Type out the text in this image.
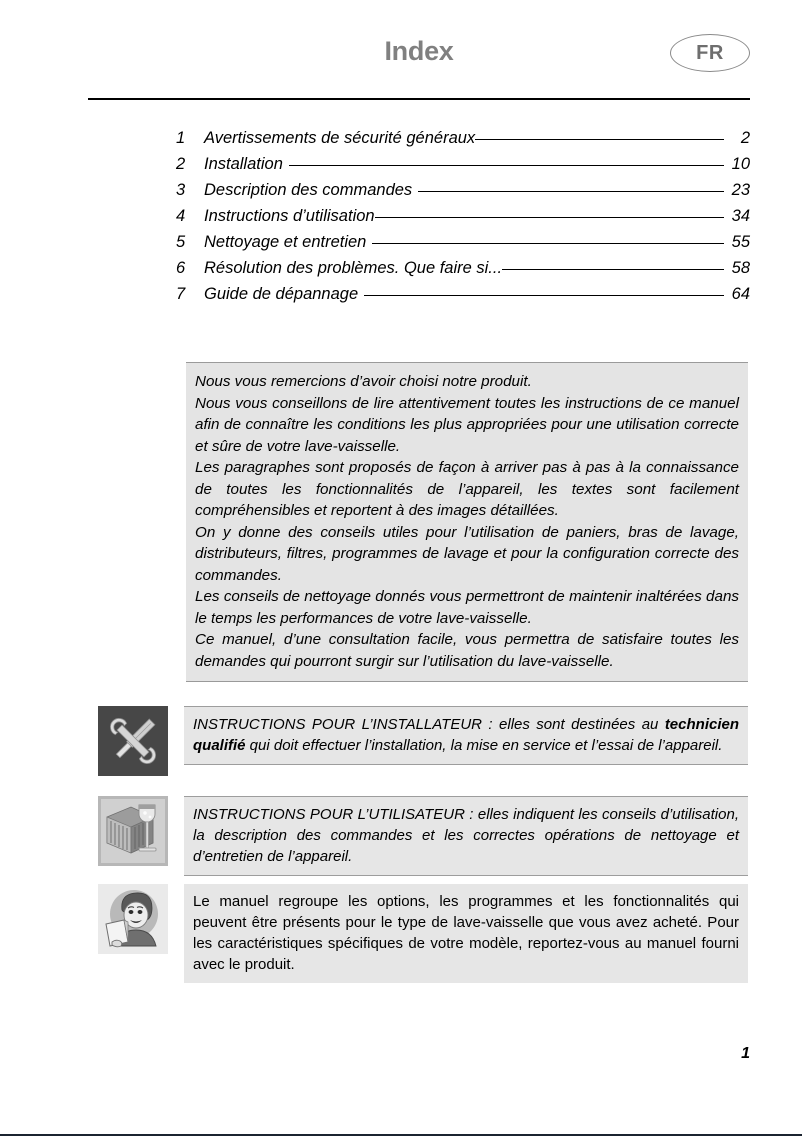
Index	FR
1	Avertissements de sécurité généraux	2
2	Installation	10
3	Description des commandes	23
4	Instructions d’utilisation	34
5	Nettoyage et entretien	55
6	Résolution des problèmes. Que faire si...	58
7	Guide de dépannage	64

Nous vous remercions d’avoir choisi notre produit.

Nous vous conseillons de lire attentivement toutes les instructions de ce manuel afin de connaître les conditions les plus appropriées pour une utilisation correcte et sûre de votre lave-vaisselle.

Les paragraphes sont proposés de façon à arriver pas à pas à la connaissance de toutes les fonctionnalités de l’appareil, les textes sont facilement compréhensibles et reportent à des images détaillées.

On y donne des conseils utiles pour l’utilisation de paniers, bras de lavage, distributeurs, filtres, programmes de lavage et pour la configuration correcte des commandes.

Les conseils de nettoyage donnés vous permettront de maintenir inaltérées dans le temps les performances de votre lave-vaisselle.

Ce manuel, d’une consultation facile, vous permettra de satisfaire toutes les demandes qui pourront surgir sur l’utilisation du lave-vaisselle.

INSTRUCTIONS POUR L’INSTALLATEUR : elles sont destinées au technicien qualifié qui doit effectuer l’installation, la mise en service et l’essai de l’appareil.
INSTRUCTIONS POUR L’UTILISATEUR : elles indiquent les conseils d’utilisation, la description des commandes et les correctes opérations de nettoyage et d’entretien de l’appareil.
Le manuel regroupe les options, les programmes et les fonctionnalités qui peuvent être présents pour le type de lave-vaisselle que vous avez acheté. Pour les caractéristiques spécifiques de votre modèle, reportez-vous au manuel fourni avec le produit.
1
